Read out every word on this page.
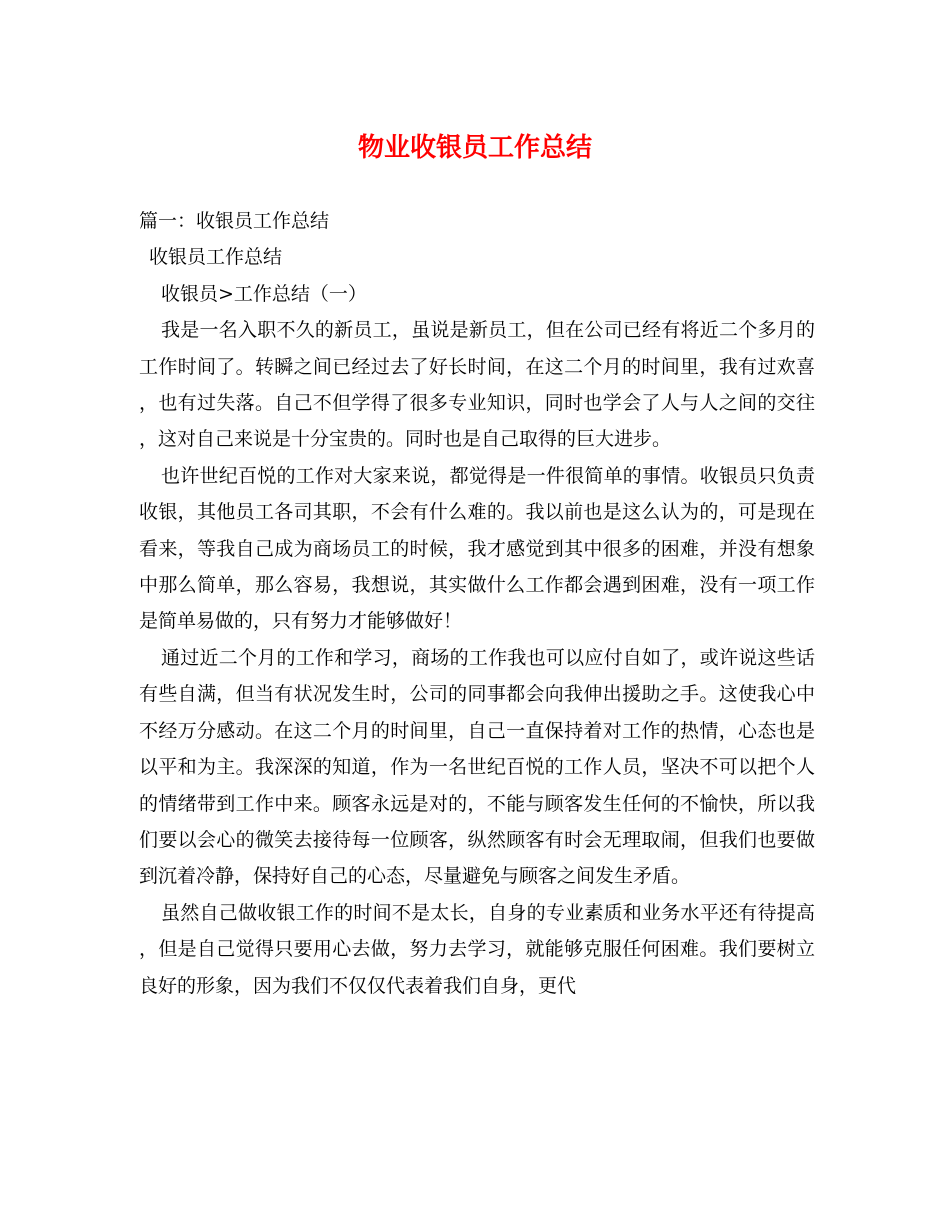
物业收银员工作总结

篇一：收银员工作总结

收银员工作总结

收银员>工作总结（一）

我是一名入职不久的新员工，虽说是新员工，但在公司已经有将近二个多月的工作时间了。转瞬之间已经过去了好长时间，在这二个月的时间里，我有过欢喜，也有过失落。自己不但学得了很多专业知识，同时也学会了人与人之间的交往，这对自己来说是十分宝贵的。同时也是自己取得的巨大进步。

也许世纪百悦的工作对大家来说，都觉得是一件很简单的事情。收银员只负责收银，其他员工各司其职，不会有什么难的。我以前也是这么认为的，可是现在看来，等我自己成为商场员工的时候，我才感觉到其中很多的困难，并没有想象中那么简单，那么容易，我想说，其实做什么工作都会遇到困难，没有一项工作是简单易做的，只有努力才能够做好！

通过近二个月的工作和学习，商场的工作我也可以应付自如了，或许说这些话有些自满，但当有状况发生时，公司的同事都会向我伸出援助之手。这使我心中不经万分感动。在这二个月的时间里，自己一直保持着对工作的热情，心态也是以平和为主。我深深的知道，作为一名世纪百悦的工作人员，坚决不可以把个人的情绪带到工作中来。顾客永远是对的，不能与顾客发生任何的不愉快，所以我们要以会心的微笑去接待每一位顾客，纵然顾客有时会无理取闹，但我们也要做到沉着冷静，保持好自己的心态，尽量避免与顾客之间发生矛盾。

虽然自己做收银工作的时间不是太长，自身的专业素质和业务水平还有待提高，但是自己觉得只要用心去做，努力去学习，就能够克服任何困难。我们要树立良好的形象，因为我们不仅仅代表着我们自身，更代
